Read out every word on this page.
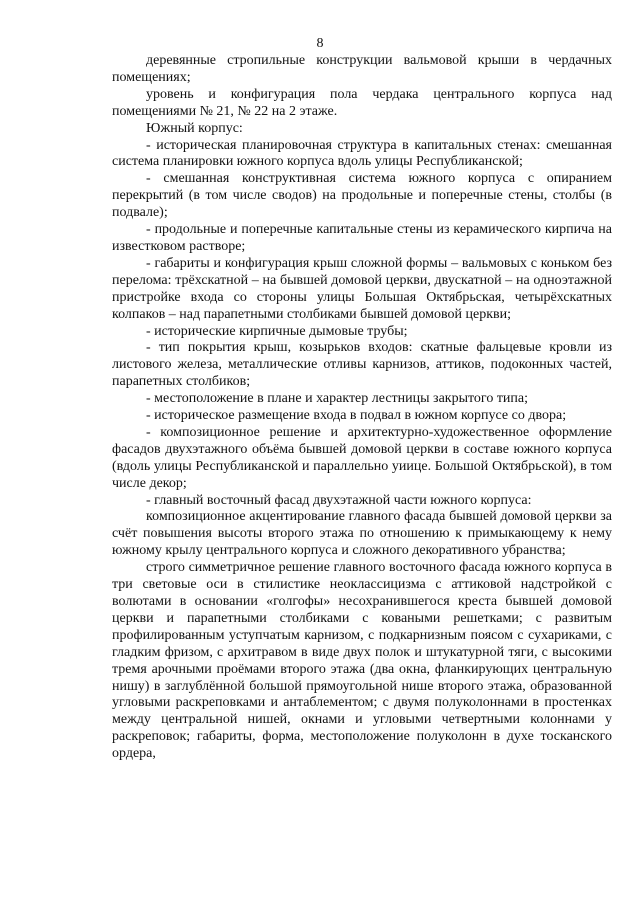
8

деревянные стропильные конструкции вальмовой крыши в чердачных помещениях;

уровень и конфигурация пола чердака центрального корпуса над помещениями № 21, № 22 на 2 этаже.

Южный корпус:

- историческая планировочная структура в капитальных стенах: смешанная система планировки южного корпуса вдоль улицы Республиканской;

- смешанная конструктивная система южного корпуса с опиранием перекрытий (в том числе сводов) на продольные и поперечные стены, столбы (в подвале);

- продольные и поперечные капитальные стены из керамического кирпича на известковом растворе;

- габариты и конфигурация крыш сложной формы – вальмовых с коньком без перелома: трёхскатной – на бывшей домовой церкви, двускатной – на одноэтажной пристройке входа со стороны улицы Большая Октябрьская, четырёхскатных колпаков – над парапетными столбиками бывшей домовой церкви;

- исторические кирпичные дымовые трубы;

- тип покрытия крыш, козырьков входов: скатные фальцевые кровли из листового железа, металлические отливы карнизов, аттиков, подоконных частей, парапетных столбиков;

- местоположение в плане и характер лестницы закрытого типа;

- историческое размещение входа в подвал в южном корпусе со двора;

- композиционное решение и архитектурно-художественное оформление фасадов двухэтажного объёма бывшей домовой церкви в составе южного корпуса (вдоль улицы Республиканской и параллельно уиице. Большой Октябрьской), в том числе декор;

- главный восточный фасад двухэтажной части южного корпуса:

композиционное акцентирование главного фасада бывшей домовой церкви за счёт повышения высоты второго этажа по отношению к примыкающему к нему южному крылу центрального корпуса и сложного декоративного убранства;

строго симметричное решение главного восточного фасада южного корпуса в три световые оси в стилистике неоклассицизма с аттиковой надстройкой с волютами в основании «голгофы» несохранившегося креста бывшей домовой церкви и парапетными столбиками с коваными решетками; с развитым профилированным уступчатым карнизом, с подкарнизным поясом с сухариками, с гладким фризом, с архитравом в виде двух полок и штукатурной тяги, с высокими тремя арочными проёмами второго этажа (два окна, фланкирующих центральную нишу) в заглублённой большой прямоугольной нише второго этажа, образованной угловыми раскреповками и антаблементом; с двумя полуколоннами в простенках между центральной нишей, окнами и угловыми четвертными колоннами у раскреповок; габариты, форма, местоположение полуколонн в духе тосканского ордера,
